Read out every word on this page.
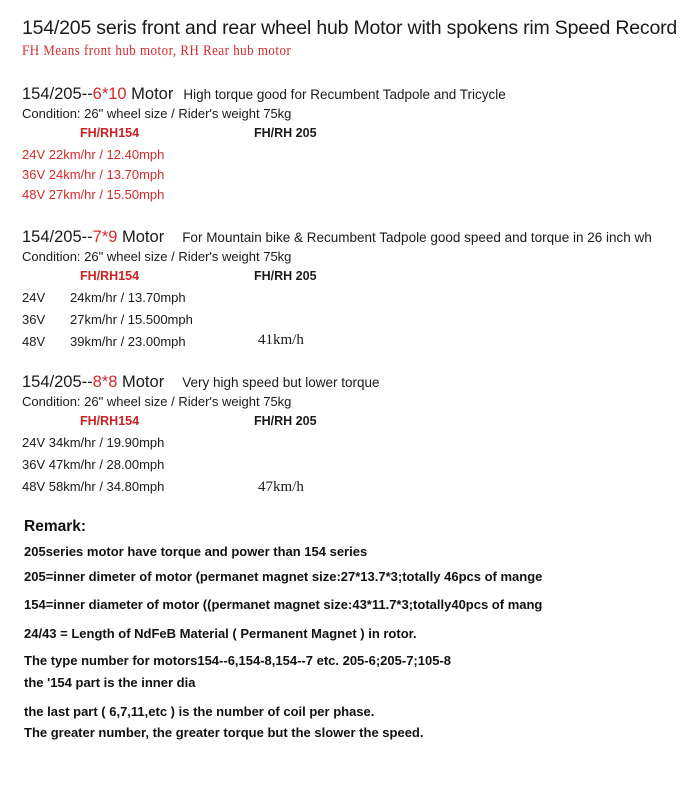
154/205 seris front and rear wheel hub Motor with spokens rim Speed Record
FH Means front hub motor, RH Rear hub motor
154/205--6*10 Motor High torque good for Recumbent Tadpole and Tricycle
Condition: 26" wheel size / Rider's weight 75kg
FH/RH154	FH/RH 205
24V 22km/hr / 12.40mph
36V 24km/hr / 13.70mph
48V 27km/hr / 15.50mph
154/205--7*9 Motor For Mountain bike & Recumbent Tadpole good speed and torque in 26 inch wh
Condition: 26" wheel size / Rider's weight 75kg
FH/RH154	FH/RH 205
24V 24km/hr / 13.70mph
36V 27km/hr / 15.500mph
48V 39km/hr / 23.00mph	41km/h
154/205--8*8 Motor Very high speed but lower torque
Condition: 26" wheel size / Rider's weight 75kg
FH/RH154	FH/RH 205
24V 34km/hr / 19.90mph
36V 47km/hr / 28.00mph
48V 58km/hr / 34.80mph	47km/h
Remark:
205series motor have torque and power than 154 series
205=inner dimeter of motor (permanet magnet size:27*13.7*3;totally 46pcs of mange
154=inner diameter of motor ((permanet magnet size:43*11.7*3;totally40pcs of mang
24/43 = Length of NdFeB Material ( Permanent Magnet ) in rotor.
The type number for motors154--6,154-8,154--7 etc. 205-6;205-7;105-8
the '154 part is the inner dia
the last part ( 6,7,11,etc ) is the number of coil per phase.
The greater number, the greater torque but the slower the speed.
